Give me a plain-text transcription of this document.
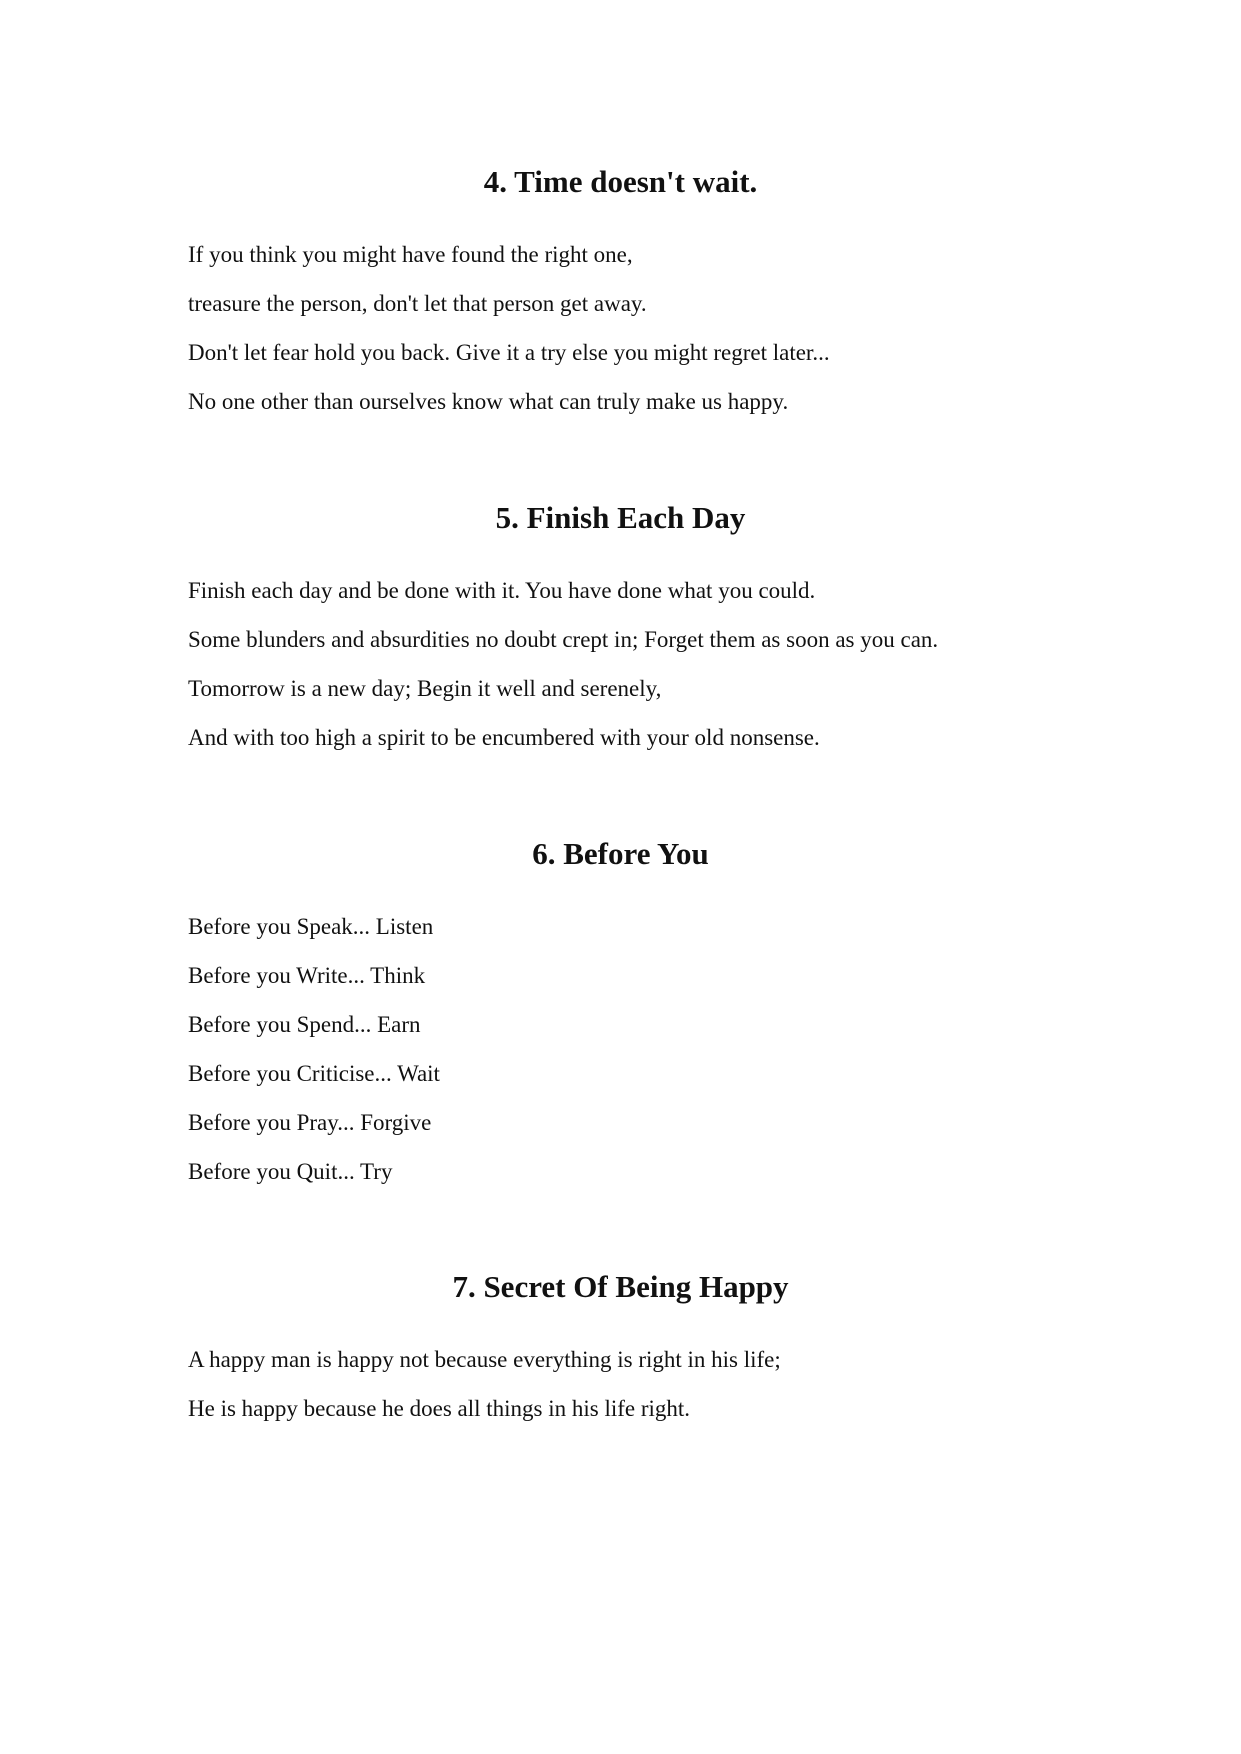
4. Time doesn't wait.
If you think you might have found the right one,
treasure the person, don't let that person get away.
Don't let fear hold you back. Give it a try else you might regret later...
No one other than ourselves know what can truly make us happy.
5. Finish Each Day
Finish each day and be done with it. You have done what you could.
Some blunders and absurdities no doubt crept in; Forget them as soon as you can.
Tomorrow is a new day; Begin it well and serenely,
And with too high a spirit to be encumbered with your old nonsense.
6. Before You
Before you Speak... Listen
Before you Write... Think
Before you Spend... Earn
Before you Criticise... Wait
Before you Pray... Forgive
Before you Quit... Try
7. Secret Of Being Happy
A happy man is happy not because everything is right in his life;
He is happy because he does all things in his life right.
